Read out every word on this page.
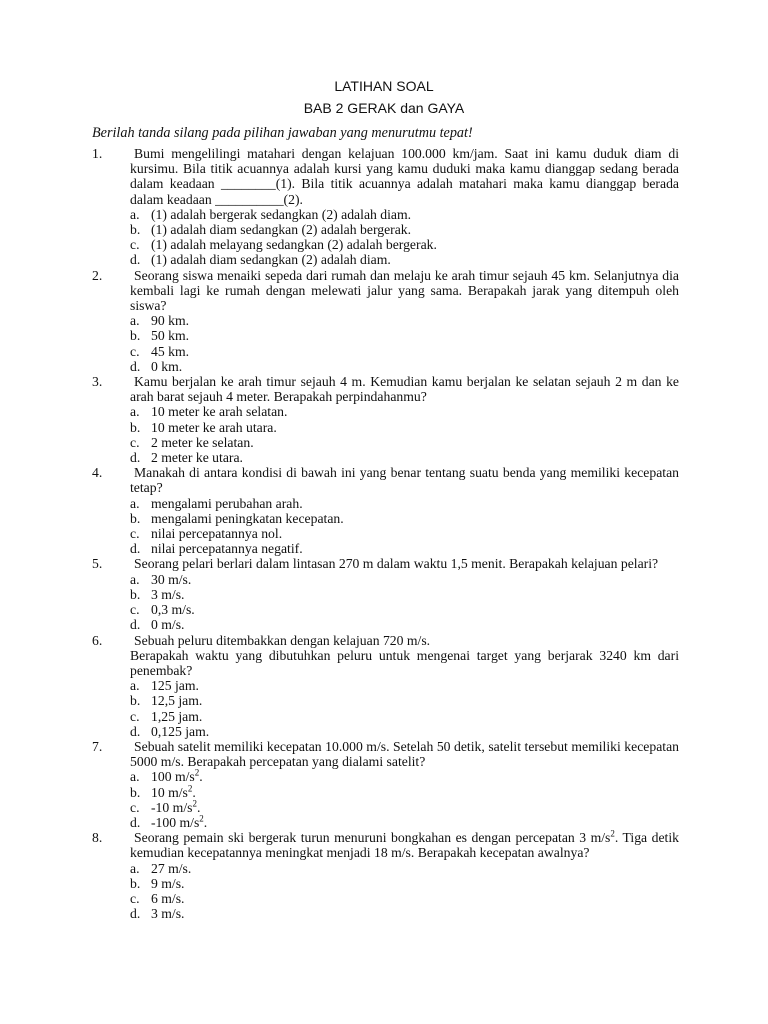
LATIHAN SOAL
BAB 2 GERAK dan GAYA
Berilah tanda silang pada pilihan jawaban yang menurutmu tepat!
1.	Bumi mengelilingi matahari dengan kelajuan 100.000 km/jam. Saat ini kamu duduk diam di kursimu. Bila titik acuannya adalah kursi yang kamu duduki maka kamu dianggap sedang berada dalam keadaan ________(1). Bila titik acuannya adalah matahari maka kamu dianggap berada dalam keadaan __________(2).
a. (1) adalah bergerak sedangkan (2) adalah diam.
b. (1) adalah diam sedangkan (2) adalah bergerak.
c. (1) adalah melayang sedangkan (2) adalah bergerak.
d. (1) adalah diam sedangkan (2) adalah diam.
2.	Seorang siswa menaiki sepeda dari rumah dan melaju ke arah timur sejauh 45 km. Selanjutnya dia kembali lagi ke rumah dengan melewati jalur yang sama. Berapakah jarak yang ditempuh oleh siswa?
a. 90 km.
b. 50 km.
c. 45 km.
d. 0 km.
3.	Kamu berjalan ke arah timur sejauh 4 m. Kemudian kamu berjalan ke selatan sejauh 2 m dan ke arah barat sejauh 4 meter. Berapakah perpindahanmu?
a. 10 meter ke arah selatan.
b. 10 meter ke arah utara.
c. 2 meter ke selatan.
d. 2 meter ke utara.
4.	Manakah di antara kondisi di bawah ini yang benar tentang suatu benda yang memiliki kecepatan tetap?
a. mengalami perubahan arah.
b. mengalami peningkatan kecepatan.
c. nilai percepatannya nol.
d. nilai percepatannya negatif.
5.	Seorang pelari berlari dalam lintasan 270 m dalam waktu 1,5 menit. Berapakah kelajuan pelari?
a. 30 m/s.
b. 3 m/s.
c. 0,3 m/s.
d. 0 m/s.
6.	Sebuah peluru ditembakkan dengan kelajuan 720 m/s.
Berapakah waktu yang dibutuhkan peluru untuk mengenai target yang berjarak 3240 km dari penembak?
a. 125 jam.
b. 12,5 jam.
c. 1,25 jam.
d. 0,125 jam.
7.	Sebuah satelit memiliki kecepatan 10.000 m/s. Setelah 50 detik, satelit tersebut memiliki kecepatan 5000 m/s. Berapakah percepatan yang dialami satelit?
a. 100 $m/s^2$.
b. 10 $m/s^2$.
c. -10 $m/s^2$.
d. -100 $m/s^2$.
8.	Seorang pemain ski bergerak turun menuruni bongkahan es dengan percepatan 3 $m/s^2$. Tiga detik kemudian kecepatannya meningkat menjadi 18 m/s. Berapakah kecepatan awalnya?
a. 27 m/s.
b. 9 m/s.
c. 6 m/s.
d. 3 m/s.
